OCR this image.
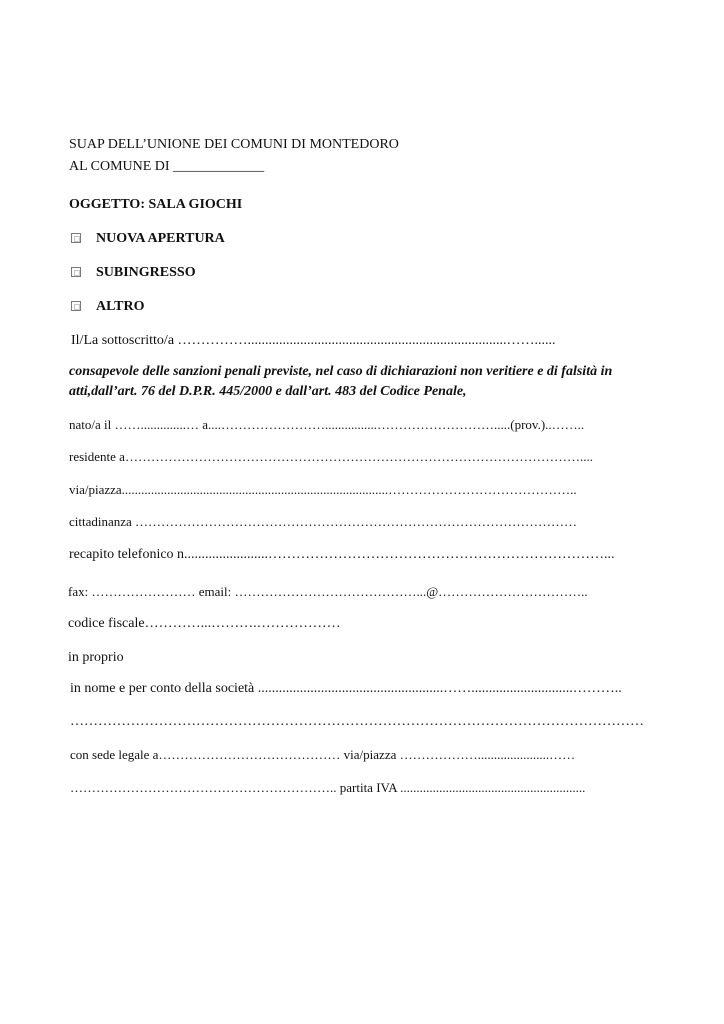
SUAP DELL’UNIONE DEI COMUNI DI MONTEDORO
AL COMUNE DI _____________
OGGETTO: SALA GIOCHI
NUOVA APERTURA
SUBINGRESSO
ALTRO
Il/La sottoscritto/a ……………..........................................................................……......
consapevole delle sanzioni penali previste, nel caso di dichiarazioni non veritiere e di falsità in
atti,dall’art. 76 del D.P.R. 445/2000 e dall’art. 483 del Codice Penale,
nato/a il ……..............… a....……………………................……………………….....(prov.)..……..
residente a……………………………………………………………………………………………....
via/piazza..................................................................................……………………………………..
cittadinanza …………………………………………………………………………………………
recapito telefonico n........................………………………………………………………………...
fax: …………………… email: ……………………………………...@……………………………..
codice fiscale…………...……….………………
in proprio
in nome e per conto della società .....................................................…….............................………..
……………………………………………………………………………………………………………
con sede legale a…………………………………… via/piazza ………………......................……
…………………………………………………….. partita IVA .........................................................
